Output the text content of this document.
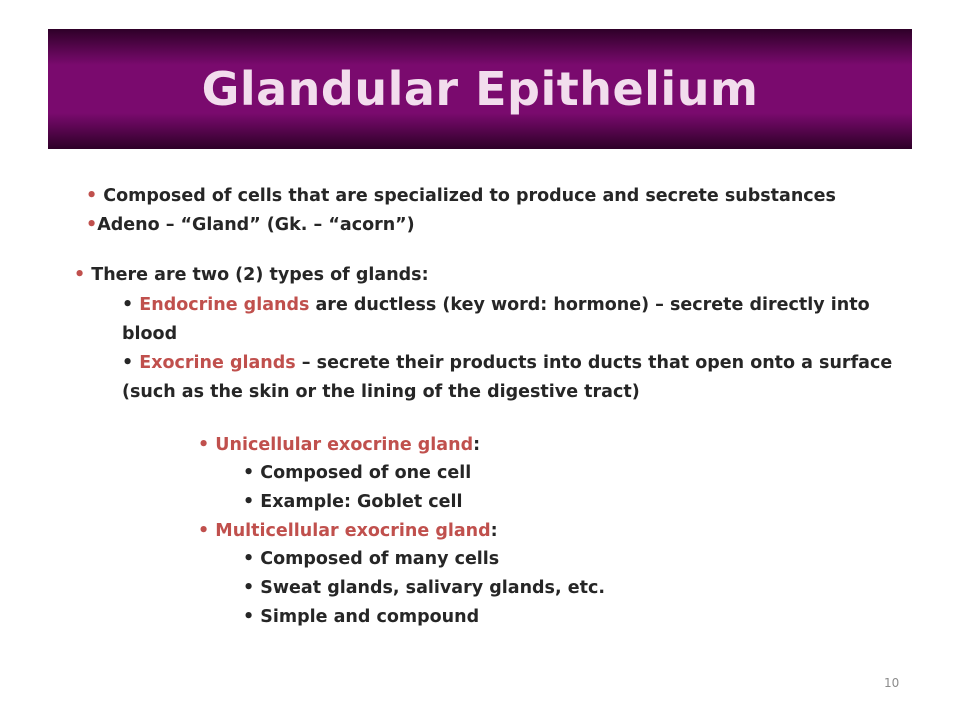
Glandular Epithelium
• Composed of cells that are specialized to produce and secrete substances
•Adeno – “Gland” (Gk. – “acorn”)
• There are two (2) types of glands:
• Endocrine glands are ductless (key word: hormone) – secrete directly into
blood
• Exocrine glands – secrete their products into ducts that open onto a surface
(such as the skin or the lining of the digestive tract)
• Unicellular exocrine gland:
• Composed of one cell
• Example: Goblet cell
• Multicellular exocrine gland:
• Composed of many cells
• Sweat glands, salivary glands, etc.
• Simple and compound
10
